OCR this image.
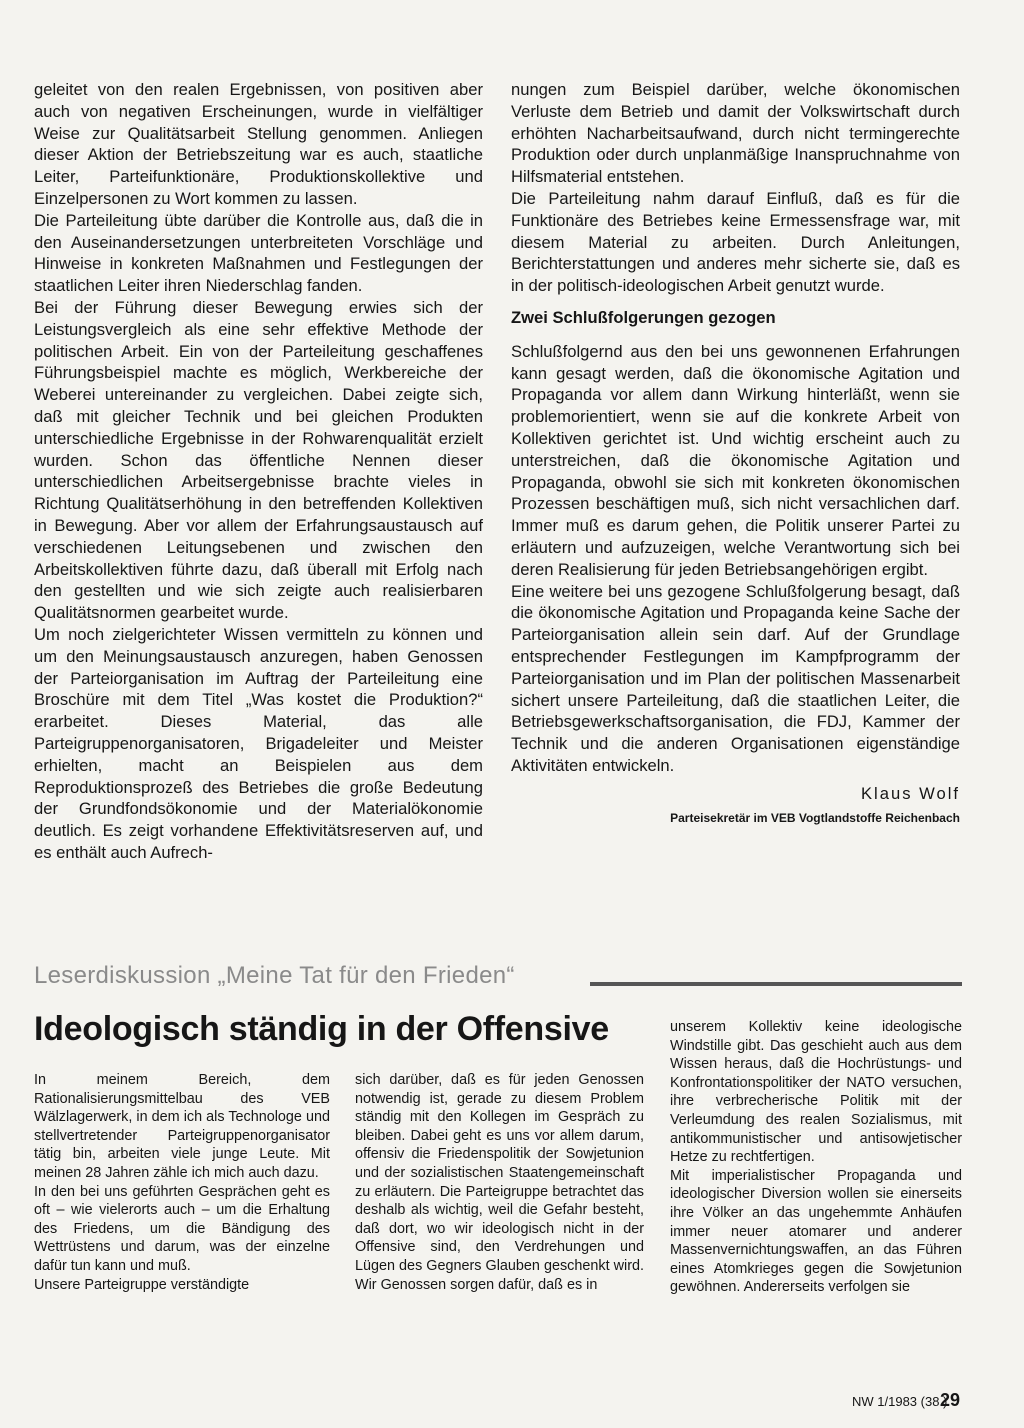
geleitet von den realen Ergebnissen, von positiven aber auch von negativen Erscheinungen, wurde in vielfältiger Weise zur Qualitätsarbeit Stellung genommen. Anliegen dieser Aktion der Betriebszeitung war es auch, staatliche Leiter, Parteifunktionäre, Produktionskollektive und Einzelpersonen zu Wort kommen zu lassen.

Die Parteileitung übte darüber die Kontrolle aus, daß die in den Auseinandersetzungen unterbreiteten Vorschläge und Hinweise in konkreten Maßnahmen und Festlegungen der staatlichen Leiter ihren Niederschlag fanden.

Bei der Führung dieser Bewegung erwies sich der Leistungsvergleich als eine sehr effektive Methode der politischen Arbeit. Ein von der Parteileitung geschaffenes Führungsbeispiel machte es möglich, Werkbereiche der Weberei untereinander zu vergleichen. Dabei zeigte sich, daß mit gleicher Technik und bei gleichen Produkten unterschiedliche Ergebnisse in der Rohwarenqualität erzielt wurden. Schon das öffentliche Nennen dieser unterschiedlichen Arbeitsergebnisse brachte vieles in Richtung Qualitätserhöhung in den betreffenden Kollektiven in Bewegung. Aber vor allem der Erfahrungsaustausch auf verschiedenen Leitungsebenen und zwischen den Arbeitskollektiven führte dazu, daß überall mit Erfolg nach den gestellten und wie sich zeigte auch realisierbaren Qualitätsnormen gearbeitet wurde.

Um noch zielgerichteter Wissen vermitteln zu können und um den Meinungsaustausch anzuregen, haben Genossen der Parteiorganisation im Auftrag der Parteileitung eine Broschüre mit dem Titel „Was kostet die Produktion?“ erarbeitet. Dieses Material, das alle Parteigruppenorganisatoren, Brigadeleiter und Meister erhielten, macht an Beispielen aus dem Reproduktionsprozeß des Betriebes die große Bedeutung der Grundfondsökonomie und der Materialökonomie deutlich. Es zeigt vorhandene Effektivitätsreserven auf, und es enthält auch Aufrech-

nungen zum Beispiel darüber, welche ökonomischen Verluste dem Betrieb und damit der Volkswirtschaft durch erhöhten Nacharbeitsaufwand, durch nicht termingerechte Produktion oder durch unplanmäßige Inanspruchnahme von Hilfsmaterial entstehen.

Die Parteileitung nahm darauf Einfluß, daß es für die Funktionäre des Betriebes keine Ermessensfrage war, mit diesem Material zu arbeiten. Durch Anleitungen, Berichterstattungen und anderes mehr sicherte sie, daß es in der politisch-ideologischen Arbeit genutzt wurde.

Zwei Schlußfolgerungen gezogen

Schlußfolgernd aus den bei uns gewonnenen Erfahrungen kann gesagt werden, daß die ökonomische Agitation und Propaganda vor allem dann Wirkung hinterläßt, wenn sie problemorientiert, wenn sie auf die konkrete Arbeit von Kollektiven gerichtet ist. Und wichtig erscheint auch zu unterstreichen, daß die ökonomische Agitation und Propaganda, obwohl sie sich mit konkreten ökonomischen Prozessen beschäftigen muß, sich nicht versachlichen darf. Immer muß es darum gehen, die Politik unserer Partei zu erläutern und aufzuzeigen, welche Verantwortung sich bei deren Realisierung für jeden Betriebsangehörigen ergibt.

Eine weitere bei uns gezogene Schlußfolgerung besagt, daß die ökonomische Agitation und Propaganda keine Sache der Parteiorganisation allein sein darf. Auf der Grundlage entsprechender Festlegungen im Kampfprogramm der Parteiorganisation und im Plan der politischen Massenarbeit sichert unsere Parteileitung, daß die staatlichen Leiter, die Betriebsgewerkschaftsorganisation, die FDJ, Kammer der Technik und die anderen Organisationen eigenständige Aktivitäten entwickeln.

Klaus Wolf

Parteisekretär im VEB Vogtlandstoffe Reichenbach

Leserdiskussion „Meine Tat für den Frieden“
Ideologisch ständig in der Offensive

In meinem Bereich, dem Rationalisierungsmittelbau des VEB Wälzlagerwerk, in dem ich als Technologe und stellvertretender Parteigruppenorganisator tätig bin, arbeiten viele junge Leute. Mit meinen 28 Jahren zähle ich mich auch dazu.

In den bei uns geführten Gesprächen geht es oft – wie vielerorts auch – um die Erhaltung des Friedens, um die Bändigung des Wettrüstens und darum, was der einzelne dafür tun kann und muß.

Unsere Parteigruppe verständigte

sich darüber, daß es für jeden Genossen notwendig ist, gerade zu diesem Problem ständig mit den Kollegen im Gespräch zu bleiben. Dabei geht es uns vor allem darum, offensiv die Friedenspolitik der Sowjetunion und der sozialistischen Staatengemeinschaft zu erläutern. Die Parteigruppe betrachtet das deshalb als wichtig, weil die Gefahr besteht, daß dort, wo wir ideologisch nicht in der Offensive sind, den Verdrehungen und Lügen des Gegners Glauben geschenkt wird. Wir Genossen sorgen dafür, daß es in

unserem Kollektiv keine ideologische Windstille gibt. Das geschieht auch aus dem Wissen heraus, daß die Hochrüstungs- und Konfrontationspolitiker der NATO versuchen, ihre verbrecherische Politik mit der Verleumdung des realen Sozialismus, mit antikommunistischer und antisowjetischer Hetze zu rechtfertigen.

Mit imperialistischer Propaganda und ideologischer Diversion wollen sie einerseits ihre Völker an das ungehemmte Anhäufen immer neuer atomarer und anderer Massenvernichtungswaffen, an das Führen eines Atomkrieges gegen die Sowjetunion gewöhnen. Andererseits verfolgen sie

NW 1/1983 (38.)
29
